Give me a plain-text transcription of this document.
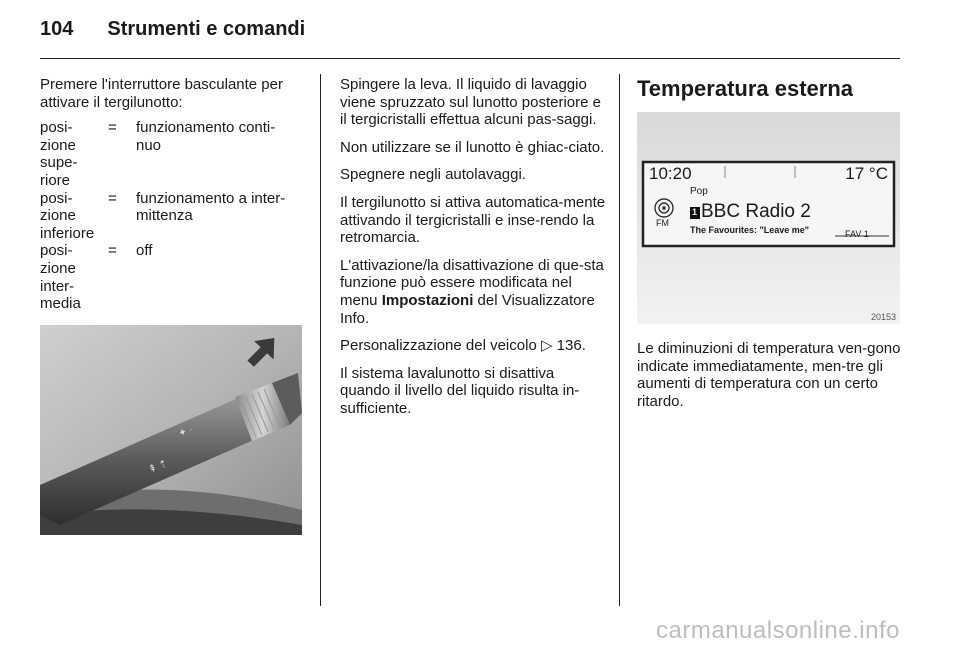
104 Strumenti e comandi

Premere l'interruttore basculante per attivare il tergilunotto:

posi-
zione
supe-
riore
=	funzionamento conti-
nuo
posi-
zione
inferiore
=	funzionamento a inter-
mittenza
posi-
zione
inter-
media
=	off
✦ ·
⇞ ⇡

Spingere la leva. Il liquido di lavaggio viene spruzzato sul lunotto posteriore e il tergicristalli effettua alcuni pas-saggi.

Non utilizzare se il lunotto è ghiac-ciato.

Spegnere negli autolavaggi.

Il tergilunotto si attiva automatica-mente attivando il tergicristalli e inse-rendo la retromarcia.

L'attivazione/la disattivazione di que-sta funzione può essere modificata nel menu Impostazioni del Visualizzatore Info.

Personalizzazione del veicolo ▷ 136.

Il sistema lavalunotto si disattiva quando il livello del liquido risulta in-sufficiente.

Temperatura esterna

10:20	17 °C
Pop
FM
1 BBC Radio 2
The Favourites: "Leave me"	FAV 1
20153

Le diminuzioni di temperatura ven-gono indicate immediatamente, men-tre gli aumenti di temperatura con un certo ritardo.

carmanualsonline.info
